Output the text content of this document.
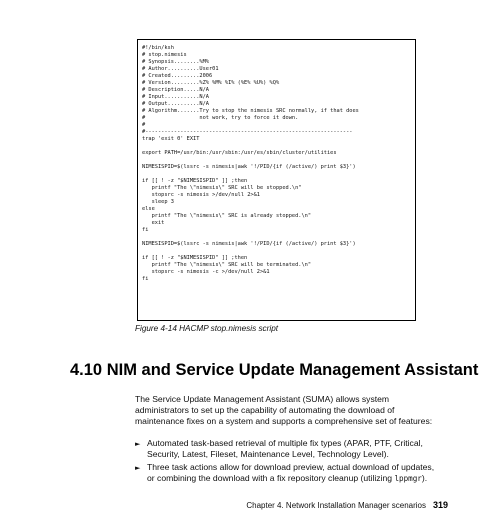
#!/bin/ksh
# stop.nimesis
# Synopsis........%M%
# Author..........User01
# Created.........2006
# Version.........%Z% %M% %I% (%E% %U%) %Q%
# Description.....N/A
# Input...........N/A
# Output..........N/A
# Algorithm.......Try to stop the nimesis SRC normally, if that does
#                 not work, try to force it down.
#
#-----------------------------------------------------------------
trap 'exit 0' EXIT
export PATH=/usr/bin:/usr/sbin:/usr/es/sbin/cluster/utilities
NIMESISPID=$(lssrc -s nimesis|awk '!/PID/{if (/active/) print $3}')
if [[ ! -z "$NIMESISPID" ]] ;then
printf "The \"nimesis\" SRC will be stopped.\n"
stopsrc -s nimesis >/dev/null 2>&1
sleep 3
else
printf "The \"nimesis\" SRC is already stopped.\n"
exit
fi
NIMESISPID=$(lssrc -s nimesis|awk '!/PID/{if (/active/) print $3}')
if [[ ! -z "$NIMESISPID" ]] ;then
printf "The \"nimesis\" SRC will be terminated.\n"
stopsrc -s nimesis -c >/dev/null 2>&1
fi
Figure 4-14 HACMP stop.nimesis script
4.10 NIM and Service Update Management Assistant
The Service Update Management Assistant (SUMA) allows system administrators to set up the capability of automating the download of maintenance fixes on a system and supports a comprehensive set of features:
► Automated task-based retrieval of multiple fix types (APAR, PTF, Critical, Security, Latest, Fileset, Maintenance Level, Technology Level).
► Three task actions allow for download preview, actual download of updates, or combining the download with a fix repository cleanup (utilizing lppmgr).
Chapter 4. Network Installation Manager scenarios 319
